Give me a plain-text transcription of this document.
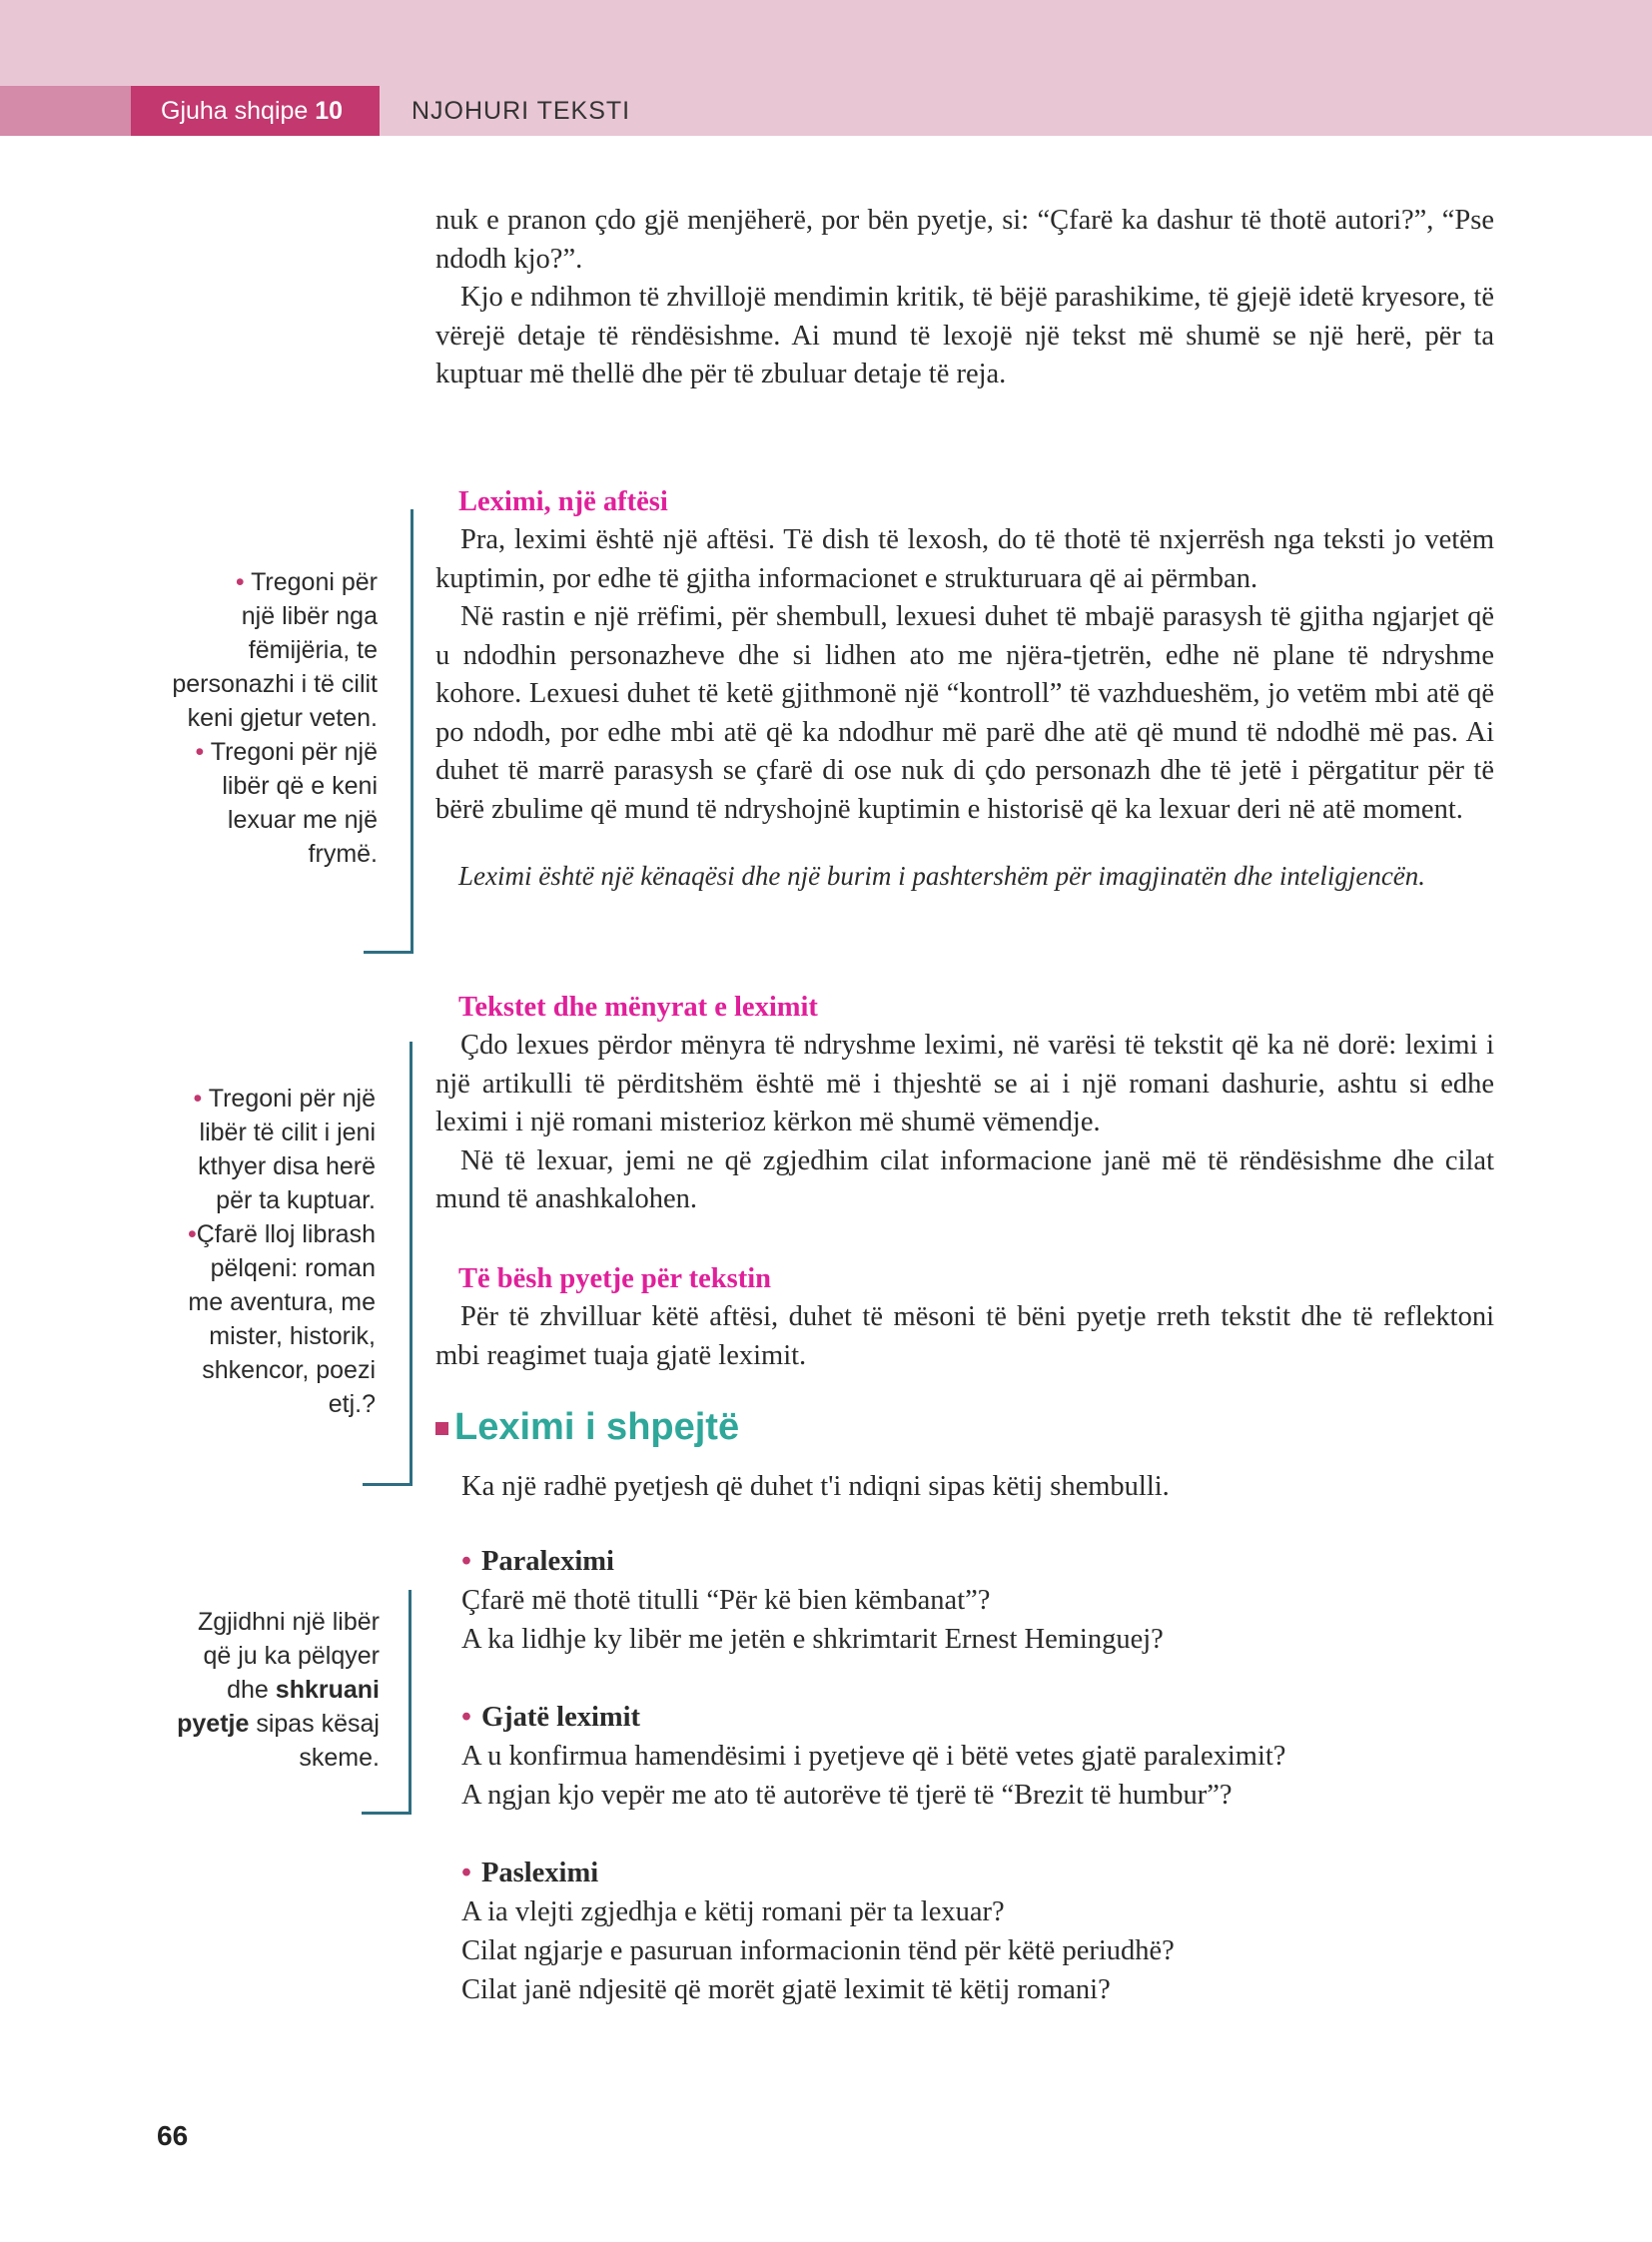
Gjuha shqipe 10	NJOHURI TEKSTI

nuk e pranon çdo gjë menjëherë, por bën pyetje, si: “Çfarë ka dashur të thotë autori?”, “Pse ndodh kjo?”.

Kjo e ndihmon të zhvillojë mendimin kritik, të bëjë parashikime, të gjejë idetë kryesore, të vërejë detaje të rëndësishme. Ai mund të lexojë një tekst më shumë se një herë, për ta kuptuar më thellë dhe për të zbuluar detaje të reja.

Leximi, një aftësi

Pra, leximi është një aftësi. Të dish të lexosh, do të thotë të nxjerrësh nga teksti jo vetëm kuptimin, por edhe të gjitha informacionet e strukturuara që ai përmban.

Në rastin e një rrëfimi, për shembull, lexuesi duhet të mbajë parasysh të gjitha ngjarjet që u ndodhin personazheve dhe si lidhen ato me njëra-tjetrën, edhe në plane të ndryshme kohore. Lexuesi duhet të ketë gjithmonë një “kontroll” të vazhdueshëm, jo vetëm mbi atë që po ndodh, por edhe mbi atë që ka ndodhur më parë dhe atë që mund të ndodhë më pas. Ai duhet të marrë parasysh se çfarë di ose nuk di çdo personazh dhe të jetë i përgatitur për të bërë zbulime që mund të ndryshojnë kuptimin e historisë që ka lexuar deri në atë moment.

Leximi është një kënaqësi dhe një burim i pashtershëm për imagjinatën dhe inteligjencën.
Tekstet dhe mënyrat e leximit

Çdo lexues përdor mënyra të ndryshme leximi, në varësi të tekstit që ka në dorë: leximi i një artikulli të përditshëm është më i thjeshtë se ai i një romani dashurie, ashtu si edhe leximi i një romani misterioz kërkon më shumë vëmendje.

Në të lexuar, jemi ne që zgjedhim cilat informacione janë më të rëndësishme dhe cilat mund të anashkalohen.

Të bësh pyetje për tekstin

Për të zhvilluar këtë aftësi, duhet të mësoni të bëni pyetje rreth tekstit dhe të reflektoni mbi reagimet tuaja gjatë leximit.

Leximi i shpejtë
Ka një radhë pyetjesh që duhet t'i ndiqni sipas këtij shembulli.
• Paraleximi
Çfarë më thotë titulli “Për kë bien këmbanat”?
A ka lidhje ky libër me jetën e shkrimtarit Ernest Heminguej?
• Gjatë leximit
A u konfirmua hamendësimi i pyetjeve që i bëtë vetes gjatë paraleximit?
A ngjan kjo vepër me ato të autorëve të tjerë të “Brezit të humbur”?
• Pasleximi
A ia vlejti zgjedhja e këtij romani për ta lexuar?
Cilat ngjarje e pasuruan informacionin tënd për këtë periudhë?
Cilat janë ndjesitë që morët gjatë leximit të këtij romani?
• Tregoni për
një libër nga
fëmijëria, te
personazhi i të cilit
keni gjetur veten.
• Tregoni për një
libër që e keni
lexuar me një
frymë.
• Tregoni për një
libër të cilit i jeni
kthyer disa herë
për ta kuptuar.
•Çfarë lloj librash
pëlqeni: roman
me aventura, me
mister, historik,
shkencor, poezi
etj.?
Zgjidhni një libër
që ju ka pëlqyer
dhe shkruani
pyetje sipas kësaj
skeme.
66
